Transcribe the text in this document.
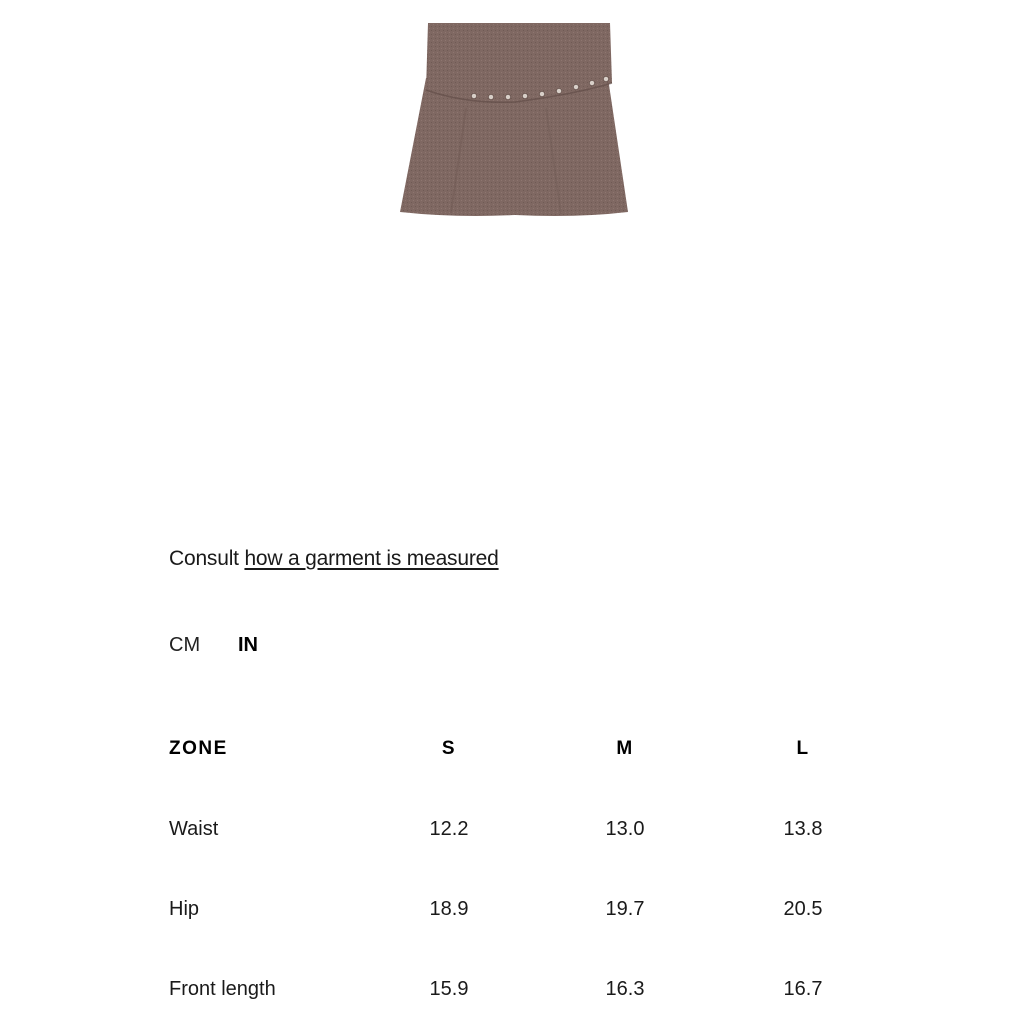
Consult how a garment is measured
CM IN
ZONE	S	M	L
Waist	12.2	13.0	13.8
Hip	18.9	19.7	20.5
Front length	15.9	16.3	16.7
